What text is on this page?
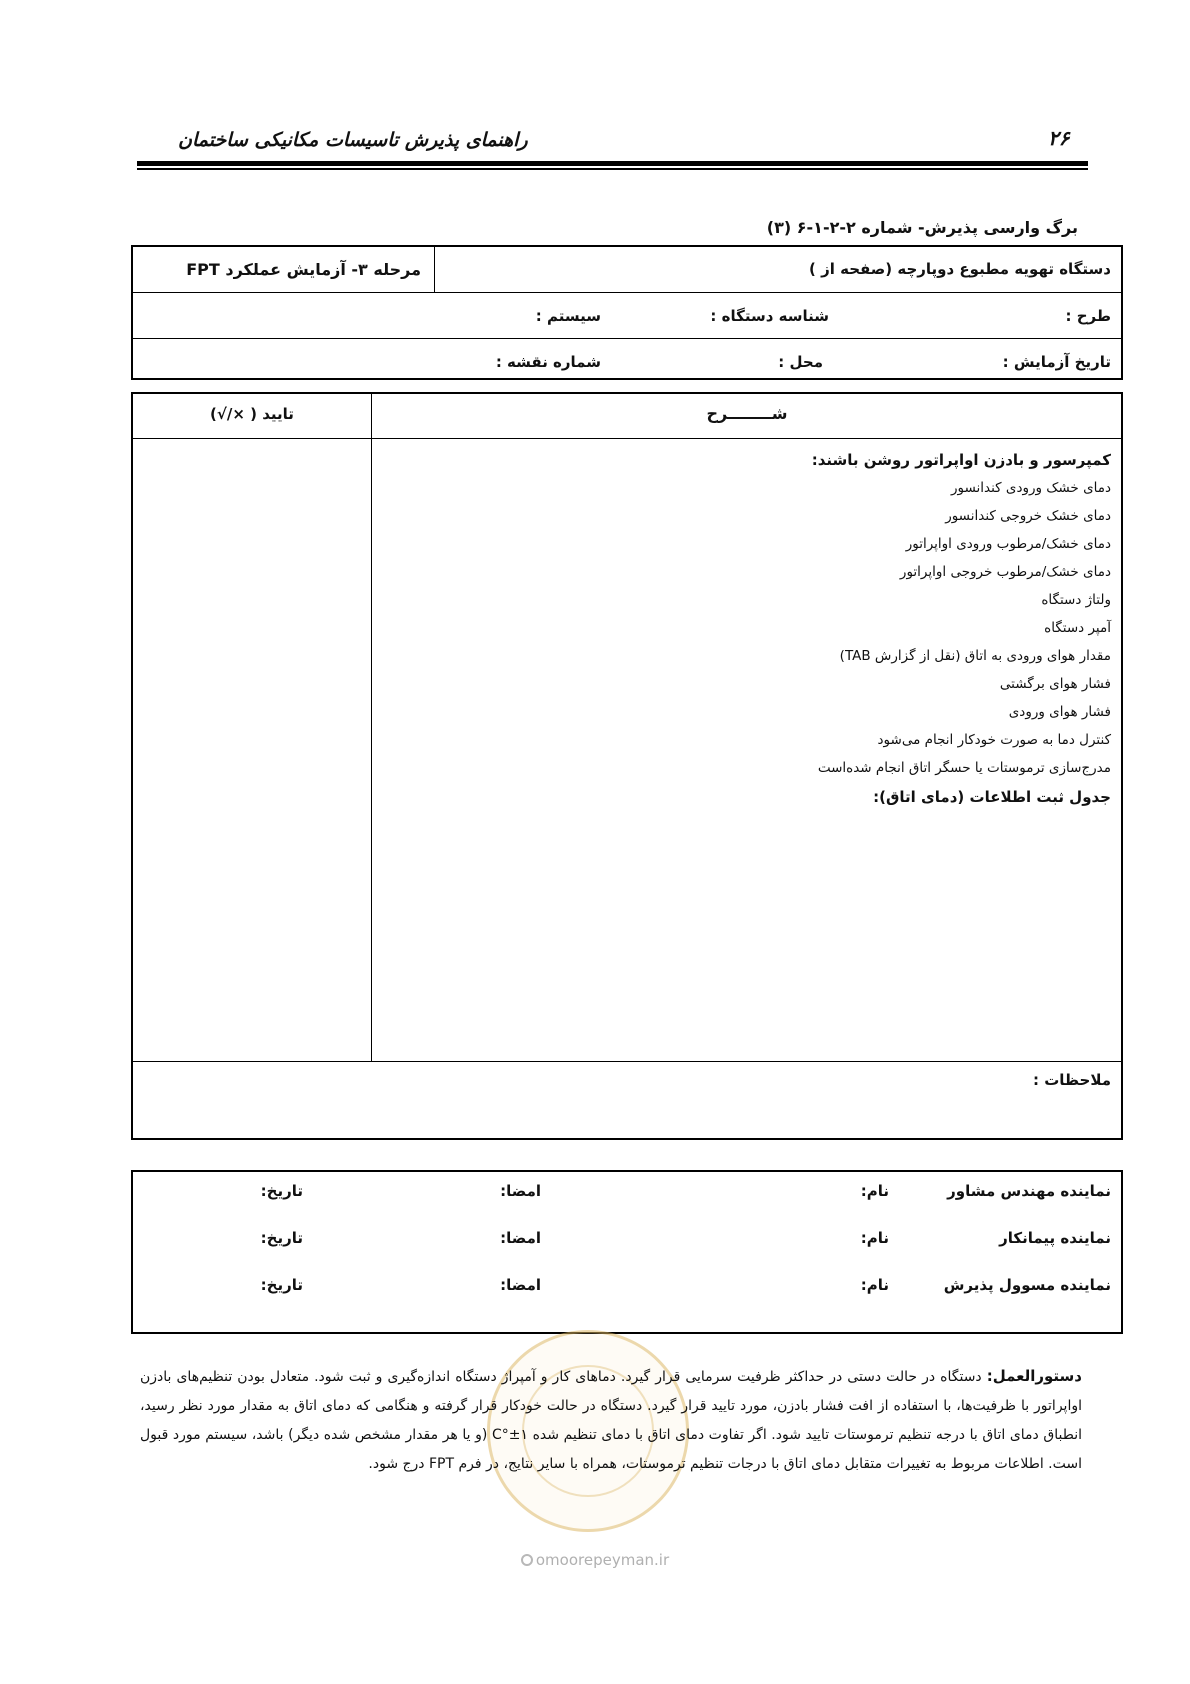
۲۶
راهنمای پذیرش تاسیسات مکانیکی ساختمان
برگ وارسی پذیرش- شماره ۲-۲-۱-۶ (۳)
دستگاه تهویه مطبوع دوپارچه (صفحه از )
مرحله ۳- آزمایش عملکرد FPT
طرح :
شناسه دستگاه :
سیستم :
تاریخ آزمایش :
محل :
شماره نقشه :
شــــــــرح
تایید ( ×/√)
کمپرسور و بادزن اواپراتور روشن باشند:
دمای خشک ورودی کندانسور
دمای خشک خروجی کندانسور
دمای خشک/مرطوب ورودی اواپراتور
دمای خشک/مرطوب خروجی اواپراتور
ولتاژ دستگاه
آمپر دستگاه
مقدار هوای ورودی به اتاق (نقل از گزارش TAB)
فشار هوای برگشتی
فشار هوای ورودی
کنترل دما به صورت خودکار انجام می‌شود
مدرج‌سازی ترموستات یا حسگر اتاق انجام شده‌است
جدول ثبت اطلاعات (دمای اتاق):
ملاحظات :
نماینده مهندس مشاور
نام:
امضا:
تاریخ:
نماینده پیمانکار
نام:
امضا:
تاریخ:
نماینده مسوول پذیرش
نام:
امضا:
تاریخ:
دستورالعمل: دستگاه در حالت دستی در حداکثر ظرفیت سرمایی قرار گیرد. دماهای کار و آمپراژ دستگاه اندازه‌گیری و ثبت شود. متعادل بودن تنظیم‌های بادزن اواپراتور با ظرفیت‌ها، با استفاده از افت فشار بادزن، مورد تایید قرار گیرد. دستگاه در حالت خودکار قرار گرفته و هنگامی که دمای اتاق به مقدار مورد نظر رسید، انطباق دمای اتاق با درجه تنظیم ترموستات تایید شود. اگر تفاوت دمای اتاق با دمای تنظیم شده ۱±°C (و یا هر مقدار مشخص شده دیگر) باشد، سیستم مورد قبول است. اطلاعات مربوط به تغییرات متقابل دمای اتاق با درجات تنظیم ترموستات، همراه با سایر نتایج، در فرم FPT درج شود.
omoorepeyman.ir
